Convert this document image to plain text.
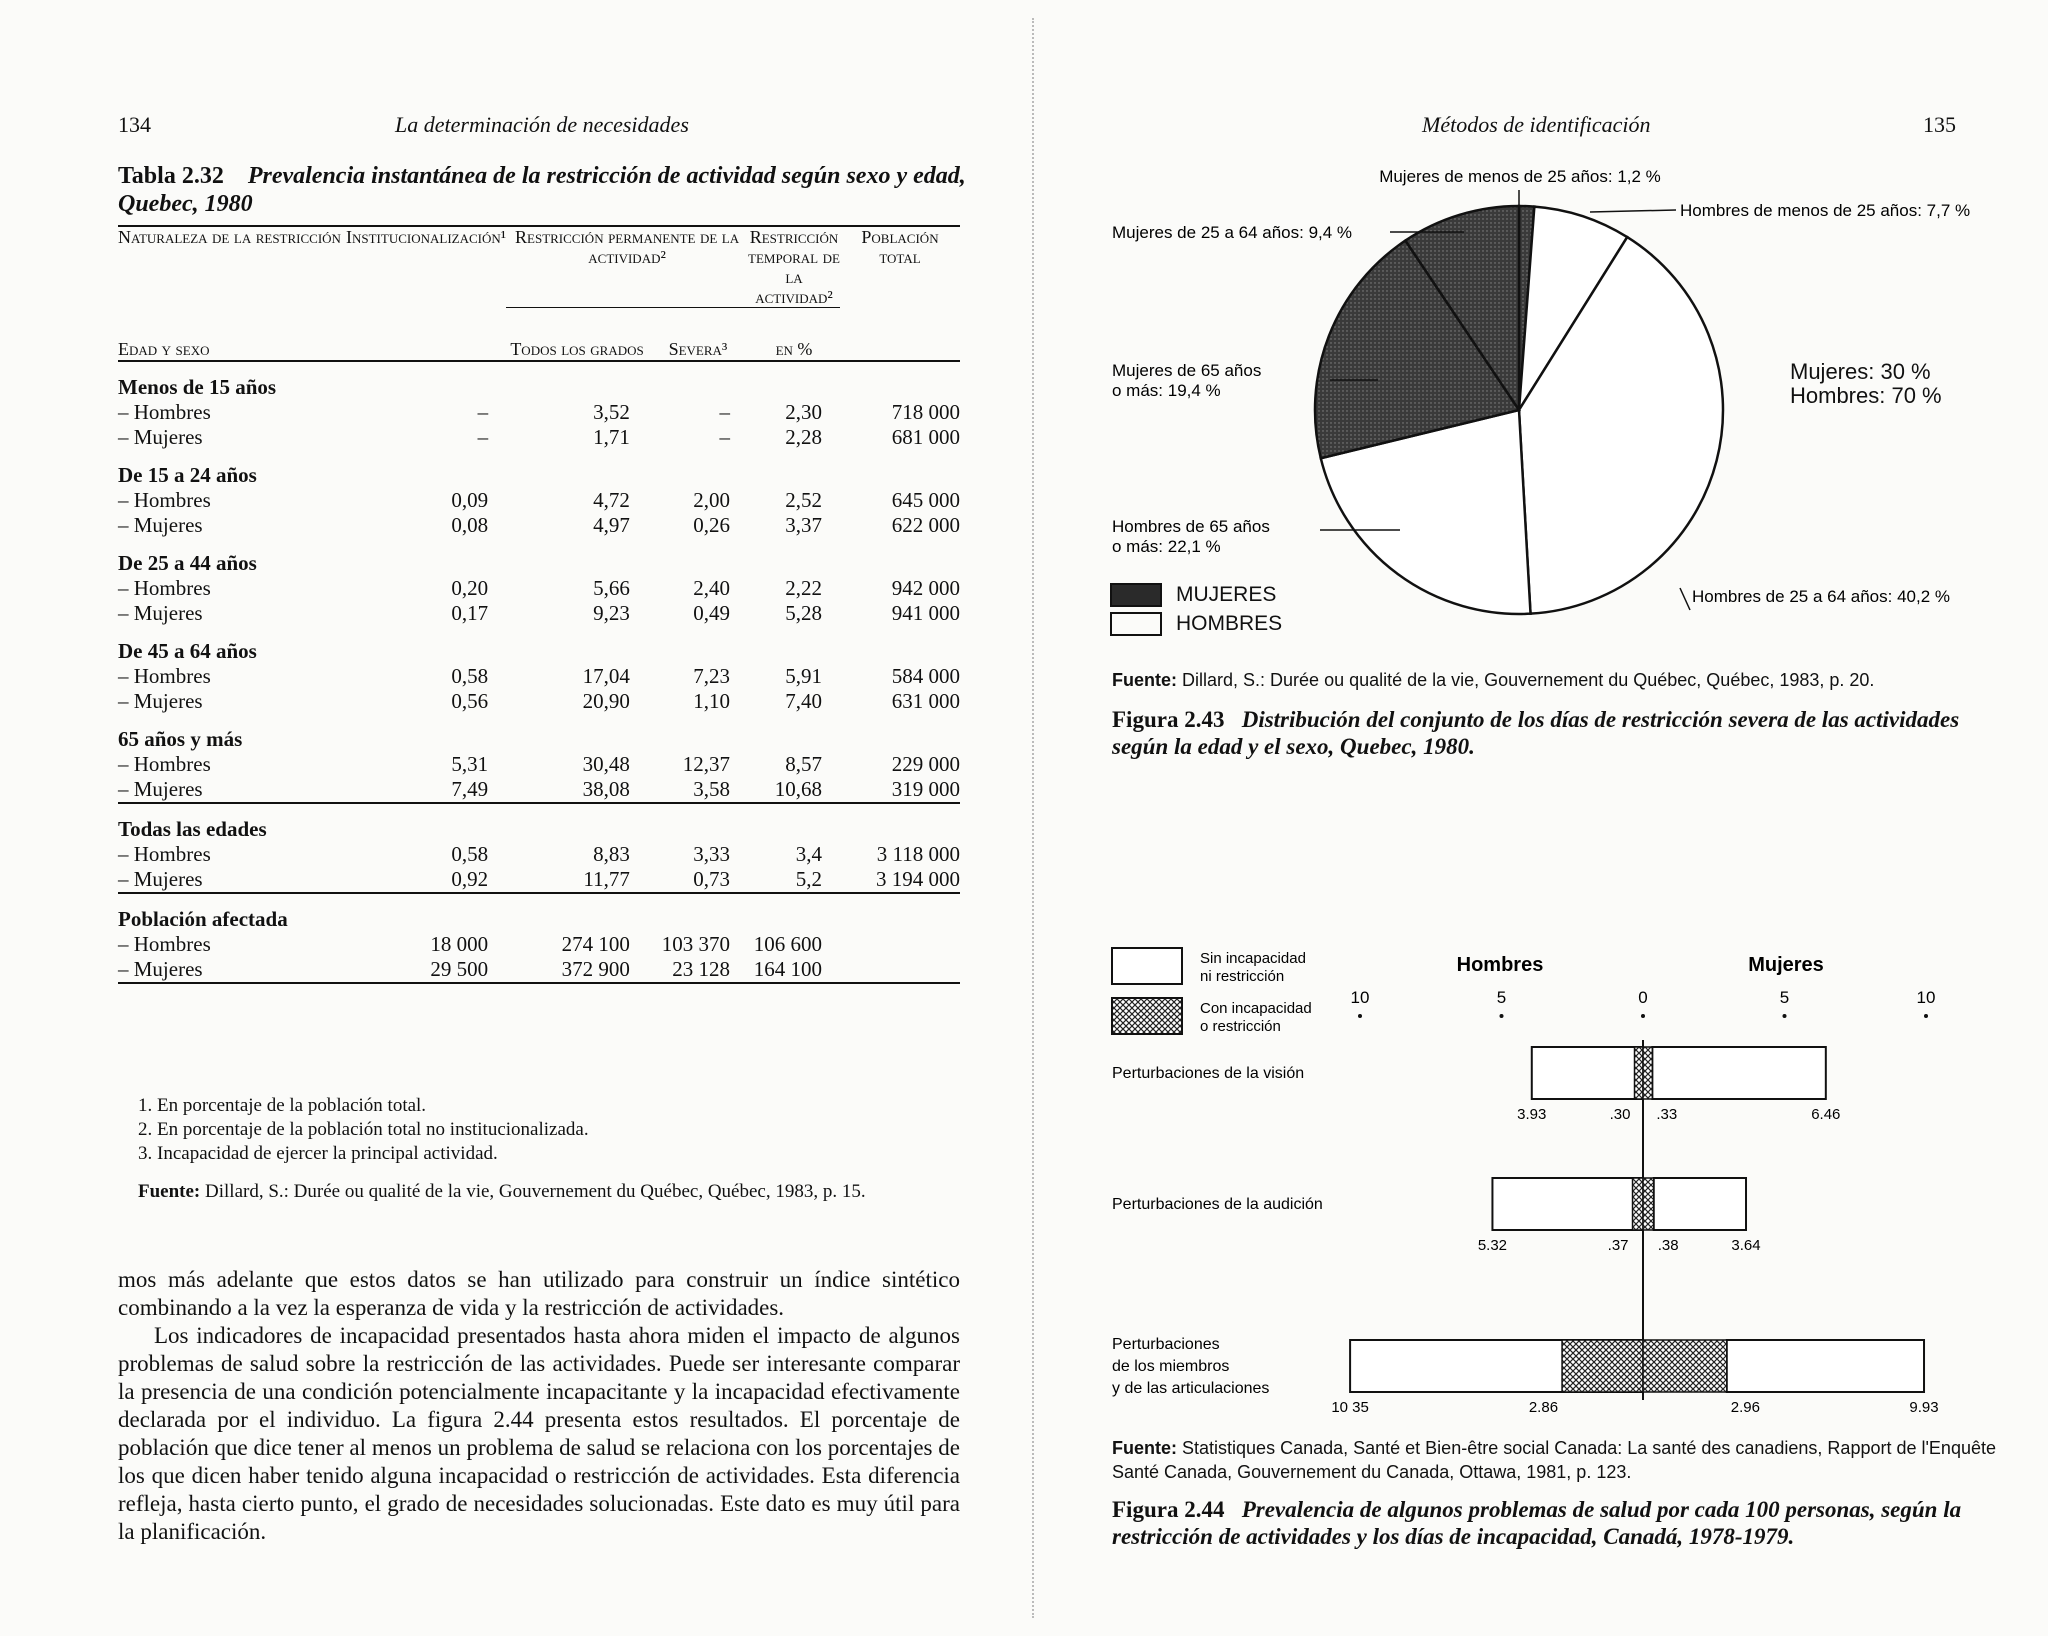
134	La determinación de necesidades
Tabla 2.32 Prevalencia instantánea de la restricción de actividad según sexo y edad, Quebec, 1980
Naturaleza de la restricción	Institucionalización¹	Restricción permanente de la actividad²		Restricción temporal de la actividad²	Población total
Edad y sexo		Todos los grados	Severa³	en %	

Menos de 15 años					
– Hombres	–	3,52	–	2,30	718 000
– Mujeres	–	1,71	–	2,28	681 000

De 15 a 24 años					
– Hombres	0,09	4,72	2,00	2,52	645 000
– Mujeres	0,08	4,97	0,26	3,37	622 000

De 25 a 44 años					
– Hombres	0,20	5,66	2,40	2,22	942 000
– Mujeres	0,17	9,23	0,49	5,28	941 000

De 45 a 64 años					
– Hombres	0,58	17,04	7,23	5,91	584 000
– Mujeres	0,56	20,90	1,10	7,40	631 000

65 años y más					
– Hombres	5,31	30,48	12,37	8,57	229 000
– Mujeres	7,49	38,08	3,58	10,68	319 000

Todas las edades					
– Hombres	0,58	8,83	3,33	3,4	3 118 000
– Mujeres	0,92	11,77	0,73	5,2	3 194 000

Población afectada					
– Hombres	18 000	274 100	103 370	106 600	
– Mujeres	29 500	372 900	23 128	164 100	

1. En porcentaje de la población total.
2. En porcentaje de la población total no institucionalizada.
3. Incapacidad de ejercer la principal actividad.
Fuente: Dillard, S.: Durée ou qualité de la vie, Gouvernement du Québec, Québec, 1983, p. 15.

mos más adelante que estos datos se han utilizado para construir un índice sintético combinando a la vez la esperanza de vida y la restricción de actividades.

Los indicadores de incapacidad presentados hasta ahora miden el impacto de algunos problemas de salud sobre la restricción de las actividades. Puede ser interesante comparar la presencia de una condición potencialmente incapacitante y la incapacidad efectivamente declarada por el individuo. La figura 2.44 presenta estos resultados. El porcentaje de población que dice tener al menos un problema de salud se relaciona con los porcentajes de los que dicen haber tenido alguna incapacidad o restricción de actividades. Esta diferencia refleja, hasta cierto punto, el grado de necesidades solucionadas. Este dato es muy útil para la planificación.

Métodos de identificación	135
Mujeres de menos de 25 años: 1,2 %
Hombres de menos de 25 años: 7,7 %
Mujeres de 25 a 64 años: 9,4 %
Mujeres de 65 años
o más: 19,4 %
Hombres de 65 años
o más: 22,1 %
Hombres de 25 a 64 años: 40,2 %
MUJERES
HOMBRES
Mujeres: 30 %
Hombres: 70 %
Fuente: Dillard, S.: Durée ou qualité de la vie, Gouvernement du Québec, Québec, 1983, p. 20.
Figura 2.43 Distribución del conjunto de los días de restricción severa de las actividades según la edad y el sexo, Quebec, 1980.
Sin incapacidad
ni restricción
Con incapacidad
o restricción
Hombres	Mujeres
10	5	0	5	10
Perturbaciones de la visión
3.93	.30 .33	6.46
Perturbaciones de la audición
5.32	.37 .38	3.64
Perturbaciones
de los miembros
y de las articulaciones
10 35	2.86	2.96	9.93
Fuente: Statistiques Canada, Santé et Bien-être social Canada: La santé des canadiens, Rapport de l'Enquête Santé Canada, Gouvernement du Canada, Ottawa, 1981, p. 123.
Figura 2.44 Prevalencia de algunos problemas de salud por cada 100 personas, según la restricción de actividades y los días de incapacidad, Canadá, 1978-1979.
